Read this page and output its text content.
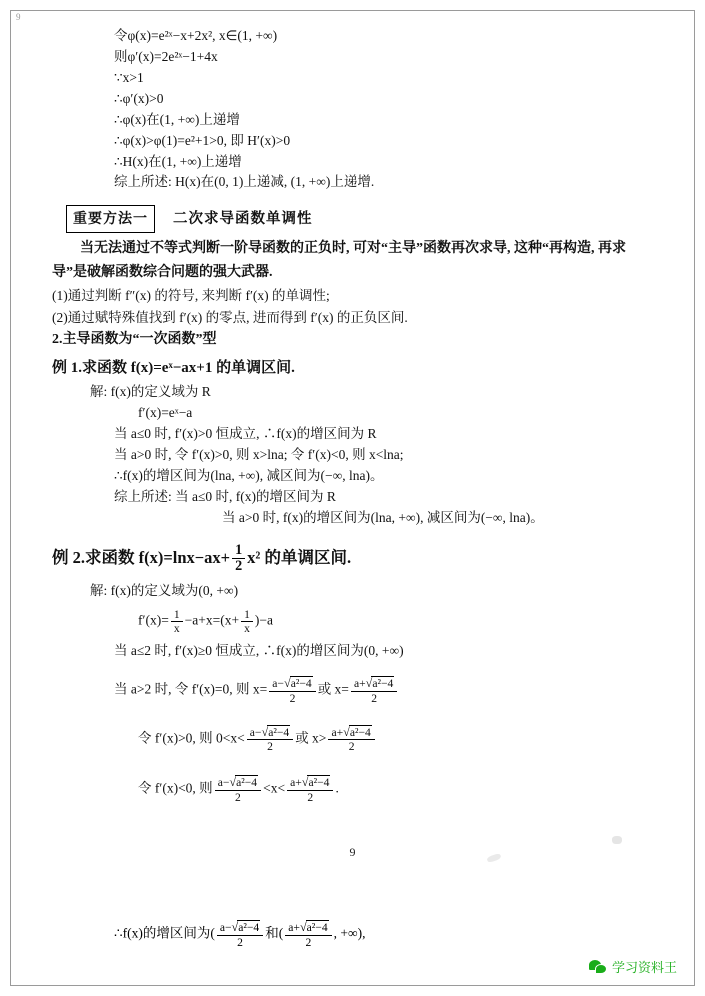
9
令φ(x)=e²ˣ−x+2x², x∈(1, +∞)
则φ′(x)=2e²ˣ−1+4x
∵x>1
∴φ′(x)>0
∴φ(x)在(1, +∞)上递增
∴φ(x)>φ(1)=e²+1>0, 即 H′(x)>0
∴H(x)在(1, +∞)上递增
综上所述: H(x)在(0, 1)上递减, (1, +∞)上递增.
重要方法一	二次求导函数单调性
当无法通过不等式判断一阶导函数的正负时, 可对“主导”函数再次求导, 这种“再构造, 再求导”是破解函数综合问题的强大武器.
(1)通过判断 f″(x) 的符号, 来判断 f′(x) 的单调性;
(2)通过赋特殊值找到 f′(x) 的零点, 进而得到 f′(x) 的正负区间.
2.主导函数为“一次函数”型
例 1.求函数 f(x)=eˣ−ax+1 的单调区间.
解: f(x)的定义域为 R
f′(x)=eˣ−a
当 a≤0 时, f′(x)>0 恒成立, ∴f(x)的增区间为 R
当 a>0 时, 令 f′(x)>0, 则 x>lna; 令 f′(x)<0, 则 x<lna;
∴f(x)的增区间为(lna, +∞), 减区间为(−∞, lna)。
综上所述: 当 a≤0 时, f(x)的增区间为 R
当 a>0 时, f(x)的增区间为(lna, +∞), 减区间为(−∞, lna)。
例 2.求函数 $f(x)=\ln x-ax+ \frac{1}{2} x^2$ 的单调区间.
解: f(x)的定义域为(0, +∞)
$f'(x)= \frac{1}{x} -a+x=(x+ \frac{1}{x} )-a$
当 a≤2 时, f′(x)≥0 恒成立, ∴f(x)的增区间为(0, +∞)
当 a>2 时, 令 f′(x)=0, 则 $x= \frac{\text{a−√a²−4}}{2}$ 或 $x= \frac{\text{a+√a²−4}}{2}$
令 f′(x)>0, 则 $0<x< \frac{\text{a−√a²−4}}{2}$ 或 $x> \frac{\text{a+√a²−4}}{2}$
令 f′(x)<0, 则 $\frac{\text{a−√a²−4}}{2} <x< \frac{\text{a+√a²−4}}{2}$ .
9
∴f(x)的增区间为( $\frac{\text{a−√a²−4}}{2}$ 和( $\frac{\text{a+√a²−4}}{2}$ , +∞),
学习资料王
